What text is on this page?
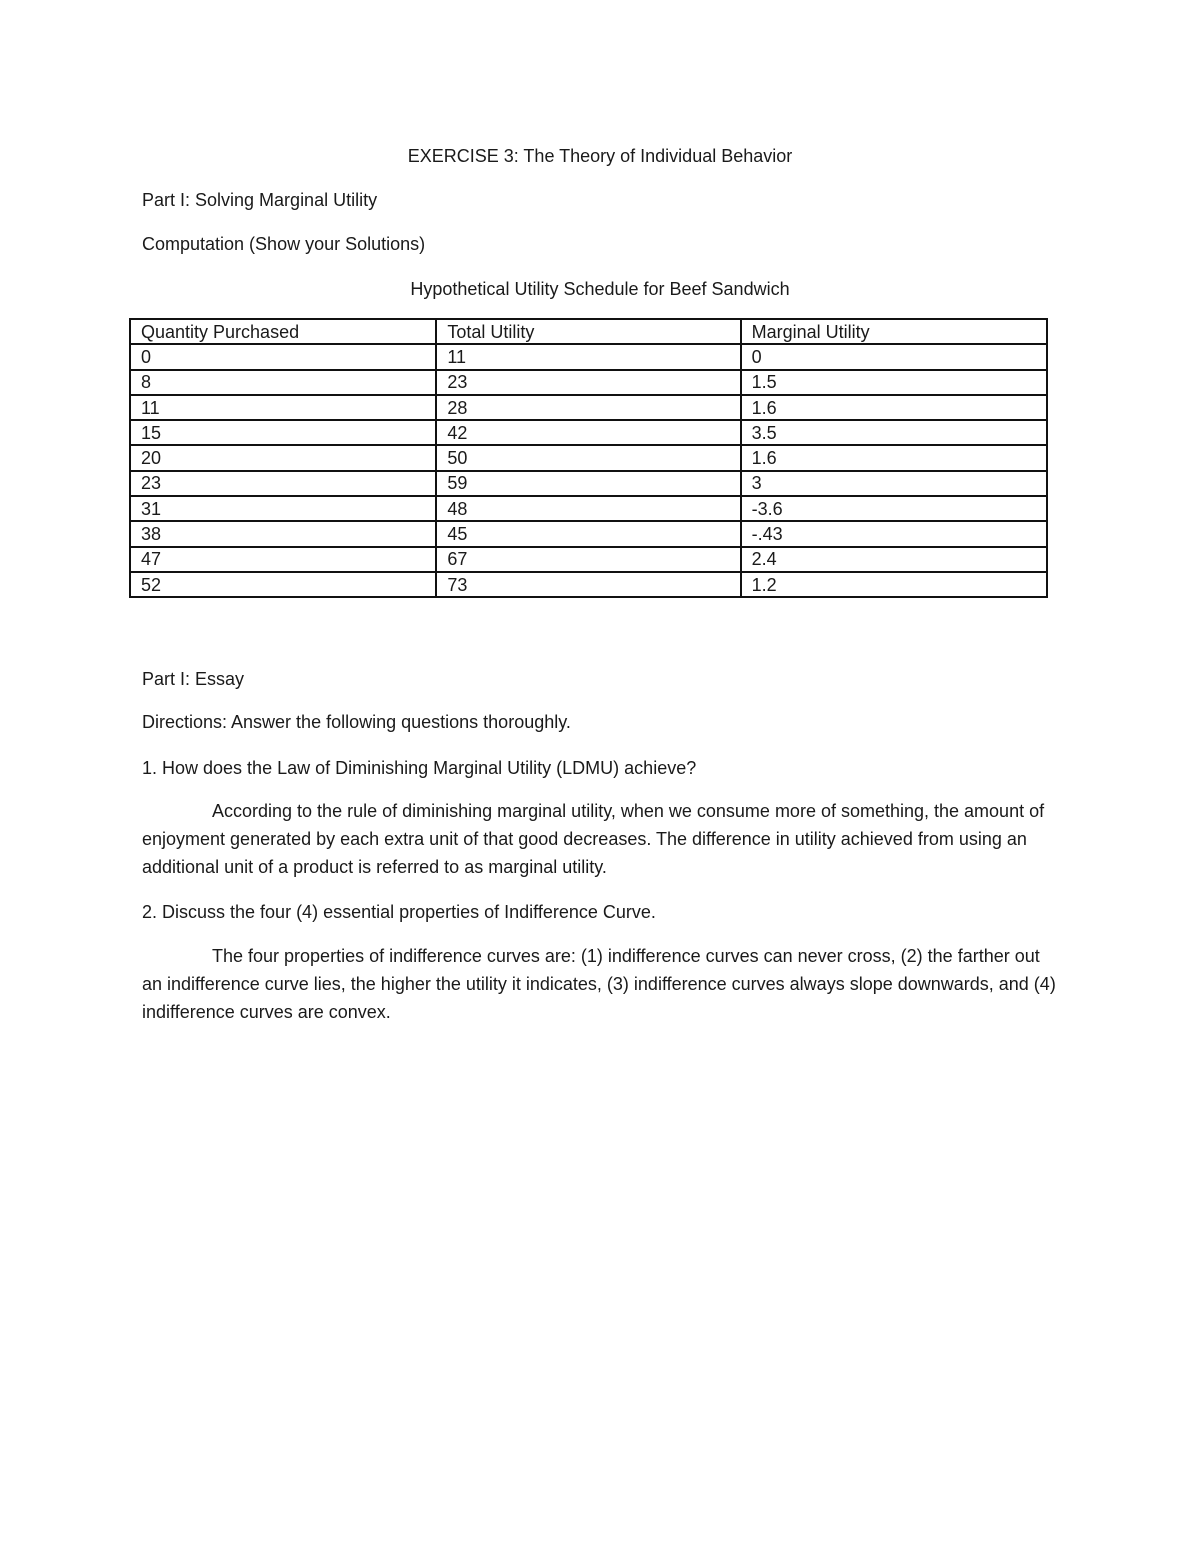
EXERCISE 3: The Theory of Individual Behavior
Part I: Solving Marginal Utility
Computation (Show your Solutions)
Hypothetical Utility Schedule for Beef Sandwich
Quantity Purchased	Total Utility	Marginal Utility
0	11	0
8	23	1.5
11	28	1.6
15	42	3.5
20	50	1.6
23	59	3
31	48	-3.6
38	45	-.43
47	67	2.4
52	73	1.2
Part I: Essay
Directions: Answer the following questions thoroughly.
1. How does the Law of Diminishing Marginal Utility (LDMU) achieve?
According to the rule of diminishing marginal utility, when we consume more of something, the amount of enjoyment generated by each extra unit of that good decreases. The difference in utility achieved from using an additional unit of a product is referred to as marginal utility.
2. Discuss the four (4) essential properties of Indifference Curve.
The four properties of indifference curves are: (1) indifference curves can never cross, (2) the farther out an indifference curve lies, the higher the utility it indicates, (3) indifference curves always slope downwards, and (4) indifference curves are convex.
